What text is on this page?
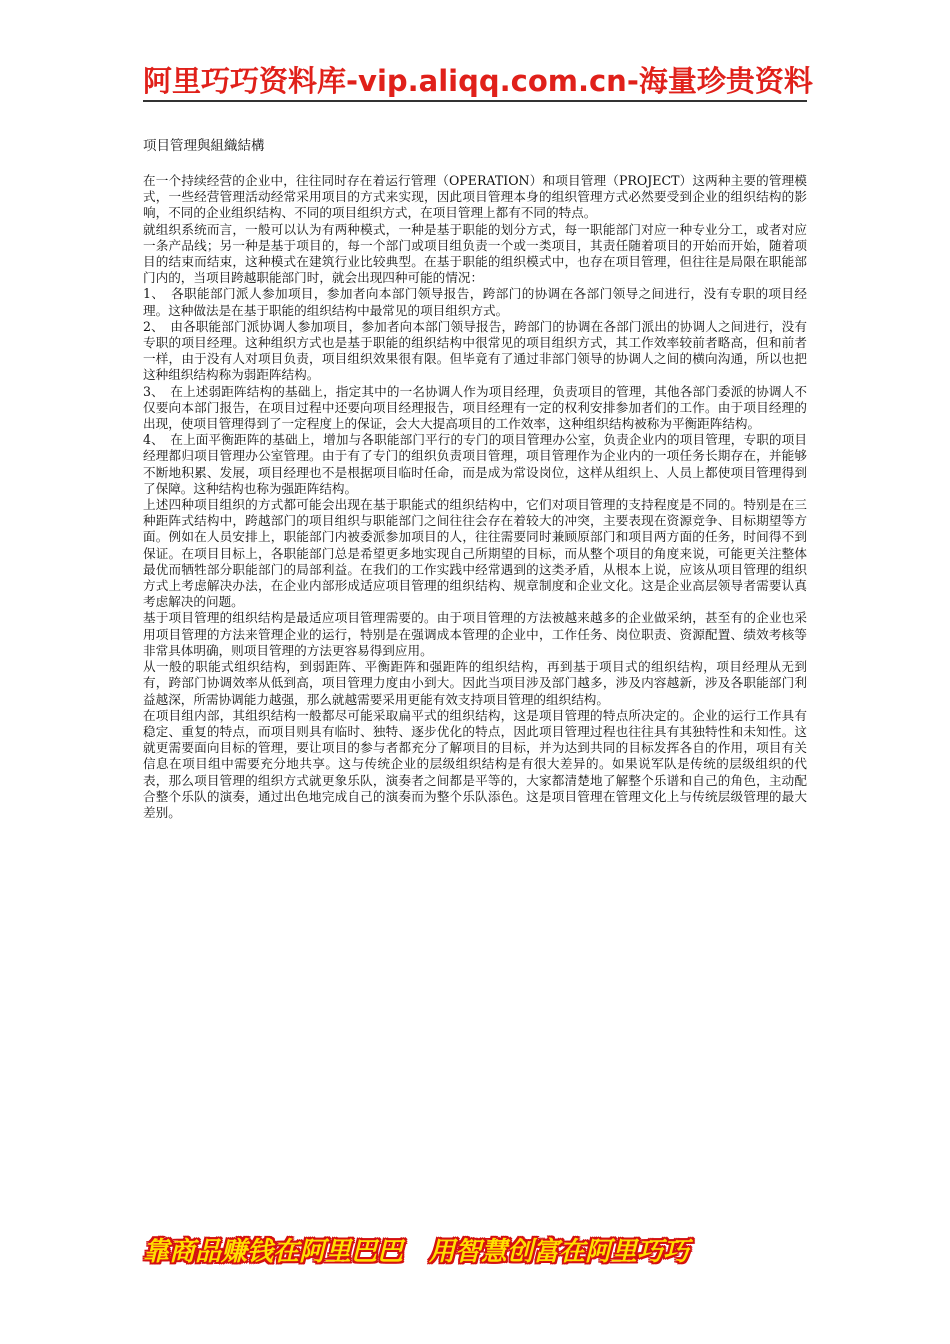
阿里巧巧资料库-vip.aliqq.com.cn-海量珍贵资料
项目管理與組織結構

在一个持续经营的企业中，往往同时存在着运行管理（OPERATION）和项目管理（PROJECT）这两种主要的管理模式，一些经营管理活动经常采用项目的方式来实现，因此项目管理本身的组织管理方式必然要受到企业的组织结构的影响，不同的企业组织结构、不同的项目组织方式，在项目管理上都有不同的特点。

就组织系统而言，一般可以认为有两种模式，一种是基于职能的划分方式，每一职能部门对应一种专业分工，或者对应一条产品线；另一种是基于项目的，每一个部门或项目组负责一个或一类项目，其责任随着项目的开始而开始，随着项目的结束而结束，这种模式在建筑行业比较典型。在基于职能的组织模式中，也存在项目管理，但往往是局限在职能部门内的，当项目跨越职能部门时，就会出现四种可能的情况：

1、　各职能部门派人参加项目，参加者向本部门领导报告，跨部门的协调在各部门领导之间进行，没有专职的项目经理。这种做法是在基于职能的组织结构中最常见的项目组织方式。

2、　由各职能部门派协调人参加项目，参加者向本部门领导报告，跨部门的协调在各部门派出的协调人之间进行，没有专职的项目经理。这种组织方式也是基于职能的组织结构中很常见的项目组织方式，其工作效率较前者略高，但和前者一样，由于没有人对项目负责，项目组织效果很有限。但毕竟有了通过非部门领导的协调人之间的横向沟通，所以也把这种组织结构称为弱距阵结构。

3、　在上述弱距阵结构的基础上，指定其中的一名协调人作为项目经理，负责项目的管理，其他各部门委派的协调人不仅要向本部门报告，在项目过程中还要向项目经理报告，项目经理有一定的权利安排参加者们的工作。由于项目经理的出现，使项目管理得到了一定程度上的保证，会大大提高项目的工作效率，这种组织结构被称为平衡距阵结构。

4、　在上面平衡距阵的基础上，增加与各职能部门平行的专门的项目管理办公室，负责企业内的项目管理，专职的项目经理都归项目管理办公室管理。由于有了专门的组织负责项目管理，项目管理作为企业内的一项任务长期存在，并能够不断地积累、发展，项目经理也不是根据项目临时任命，而是成为常设岗位，这样从组织上、人员上都使项目管理得到了保障。这种结构也称为强距阵结构。

上述四种项目组织的方式都可能会出现在基于职能式的组织结构中，它们对项目管理的支持程度是不同的。特别是在三种距阵式结构中，跨越部门的项目组织与职能部门之间往往会存在着较大的冲突，主要表现在资源竞争、目标期望等方面。例如在人员安排上，职能部门内被委派参加项目的人，往往需要同时兼顾原部门和项目两方面的任务，时间得不到保证。在项目目标上，各职能部门总是希望更多地实现自己所期望的目标，而从整个项目的角度来说，可能更关注整体最优而牺牲部分职能部门的局部利益。在我们的工作实践中经常遇到的这类矛盾，从根本上说，应该从项目管理的组织方式上考虑解决办法，在企业内部形成适应项目管理的组织结构、规章制度和企业文化。这是企业高层领导者需要认真考虑解决的问题。

基于项目管理的组织结构是最适应项目管理需要的。由于项目管理的方法被越来越多的企业做采纳，甚至有的企业也采用项目管理的方法来管理企业的运行，特别是在强调成本管理的企业中，工作任务、岗位职责、资源配置、绩效考核等非常具体明确，则项目管理的方法更容易得到应用。

从一般的职能式组织结构，到弱距阵、平衡距阵和强距阵的组织结构，再到基于项目式的组织结构，项目经理从无到有，跨部门协调效率从低到高，项目管理力度由小到大。因此当项目涉及部门越多，涉及内容越新，涉及各职能部门利益越深，所需协调能力越强，那么就越需要采用更能有效支持项目管理的组织结构。

在项目组内部，其组织结构一般都尽可能采取扁平式的组织结构，这是项目管理的特点所决定的。企业的运行工作具有稳定、重复的特点，而项目则具有临时、独特、逐步优化的特点，因此项目管理过程也往往具有其独特性和未知性。这就更需要面向目标的管理，要让项目的参与者都充分了解项目的目标，并为达到共同的目标发挥各自的作用，项目有关信息在项目组中需要充分地共享。这与传统企业的层级组织结构是有很大差异的。如果说军队是传统的层级组织的代表，那么项目管理的组织方式就更象乐队，演奏者之间都是平等的，大家都清楚地了解整个乐谱和自己的角色，主动配合整个乐队的演奏，通过出色地完成自己的演奏而为整个乐队添色。这是项目管理在管理文化上与传统层级管理的最大差别。

靠商品赚钱在阿里巴巴　用智慧创富在阿里巧巧
